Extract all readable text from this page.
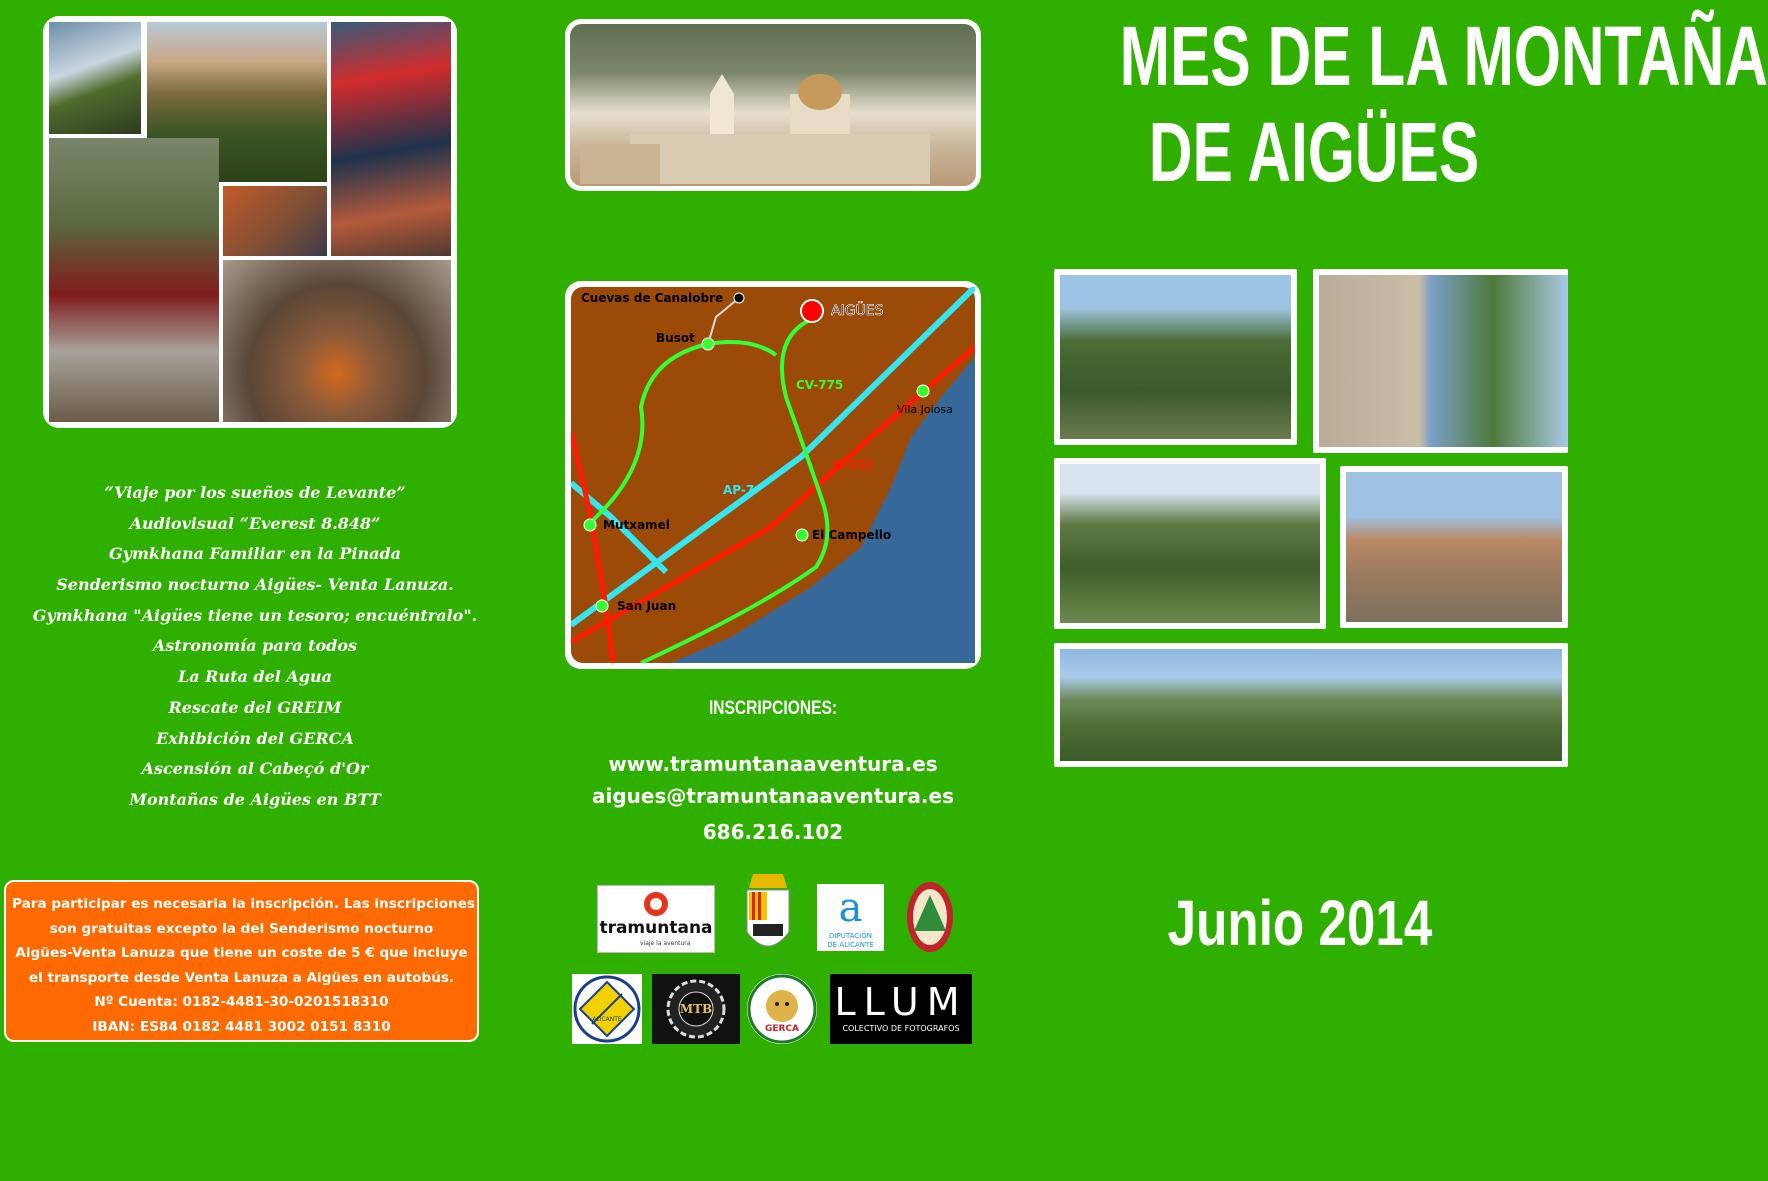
“Viaje por los sueños de Levante”
Audiovisual “Everest 8.848”
Gymkhana Familiar en la Pinada
Senderismo nocturno Aigües- Venta Lanuza.
Gymkhana "Aigües tiene un tesoro; encuéntralo".
Astronomía para todos
La Ruta del Agua
Rescate del GREIM
Exhibición del GERCA
Ascensión al Cabeçó d'Or
Montañas de Aigües en BTT
Para participar es necesaria la inscripción. Las inscripciones
son gratuitas excepto la del Senderismo nocturno
Aigües-Venta Lanuza que tiene un coste de 5 € que incluye
el transporte desde Venta Lanuza a Aigües en autobús.
Nº Cuenta: 0182-4481-30-0201518310
IBAN: ES84 0182 4481 3002 0151 8310
Cuevas de Canalobre
AIGÜES
Busot
Vila Joiosa
Mutxamel
El Campello
San Juan
CV-775
N-332
AP-7
INSCRIPCIONES:
www.tramuntanaaventura.es
aigues@tramuntanaaventura.es
686.216.102
tramuntana
viaje la aventura
a
DIPUTACIÓN
DE ALICANTE
ALICANTE
MTB
GERCA
LLUM
COLECTIVO DE FOTOGRAFOS
MES DE LA MONTAÑA
DE AIGÜES
Junio 2014
